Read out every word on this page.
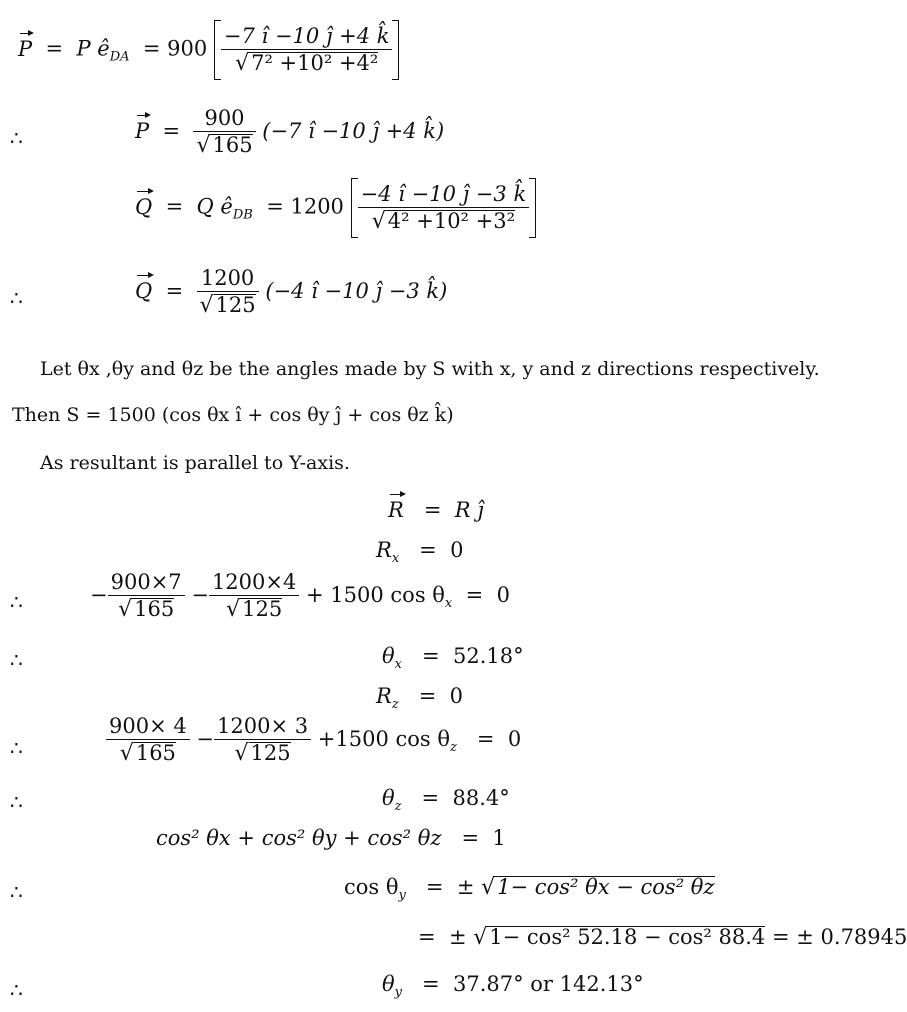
P  =  P $ê_{DA} = 900 \frac{-7 î -10 ĵ +4 k̂}{\text{√7² +10² +4²}}$
∴	$P = \frac{900}{√165} (-7$ î −10 ĵ +4 k̂)
Q  =  Q $ê_{DB} = 1200 \frac{-4 î -10 ĵ -3 k̂}{\text{√4² +10² +3²}}$
∴	$Q = \frac{1200}{√125} (-4$ î −10 ĵ −3 k̂)
Let θx ,θy and θz be the angles made by S with x, y and z directions respectively.
Then S = 1500 (cos θx î + cos θy ĵ + cos θz k̂)
As resultant is parallel to Y-axis.
R   =  R ĵ
$R_x = 0$
∴	− $\frac{900\times 7}{√165} - \frac{1200\times 4}{√125} + 1500$ $\cos \theta_x = 0$
∴	$\theta_x = 52.18^\circ$
$R_z = 0$
∴	$\frac{900\times 4}{√165} - \frac{1200\times 3}{√125} +1500$ $\cos \theta_z = 0$
∴	$\theta_z = 88.4^\circ$
cos² θx + cos² θy + cos² θz   =  1
∴	$\cos \theta_y$   =  ± √1− cos² θx − cos² θz
=  ± √1− cos² 52.18 − cos² 88.4 = ± 0.78945
∴	$\theta_y = 37.87^\circ$ or 142.13°
